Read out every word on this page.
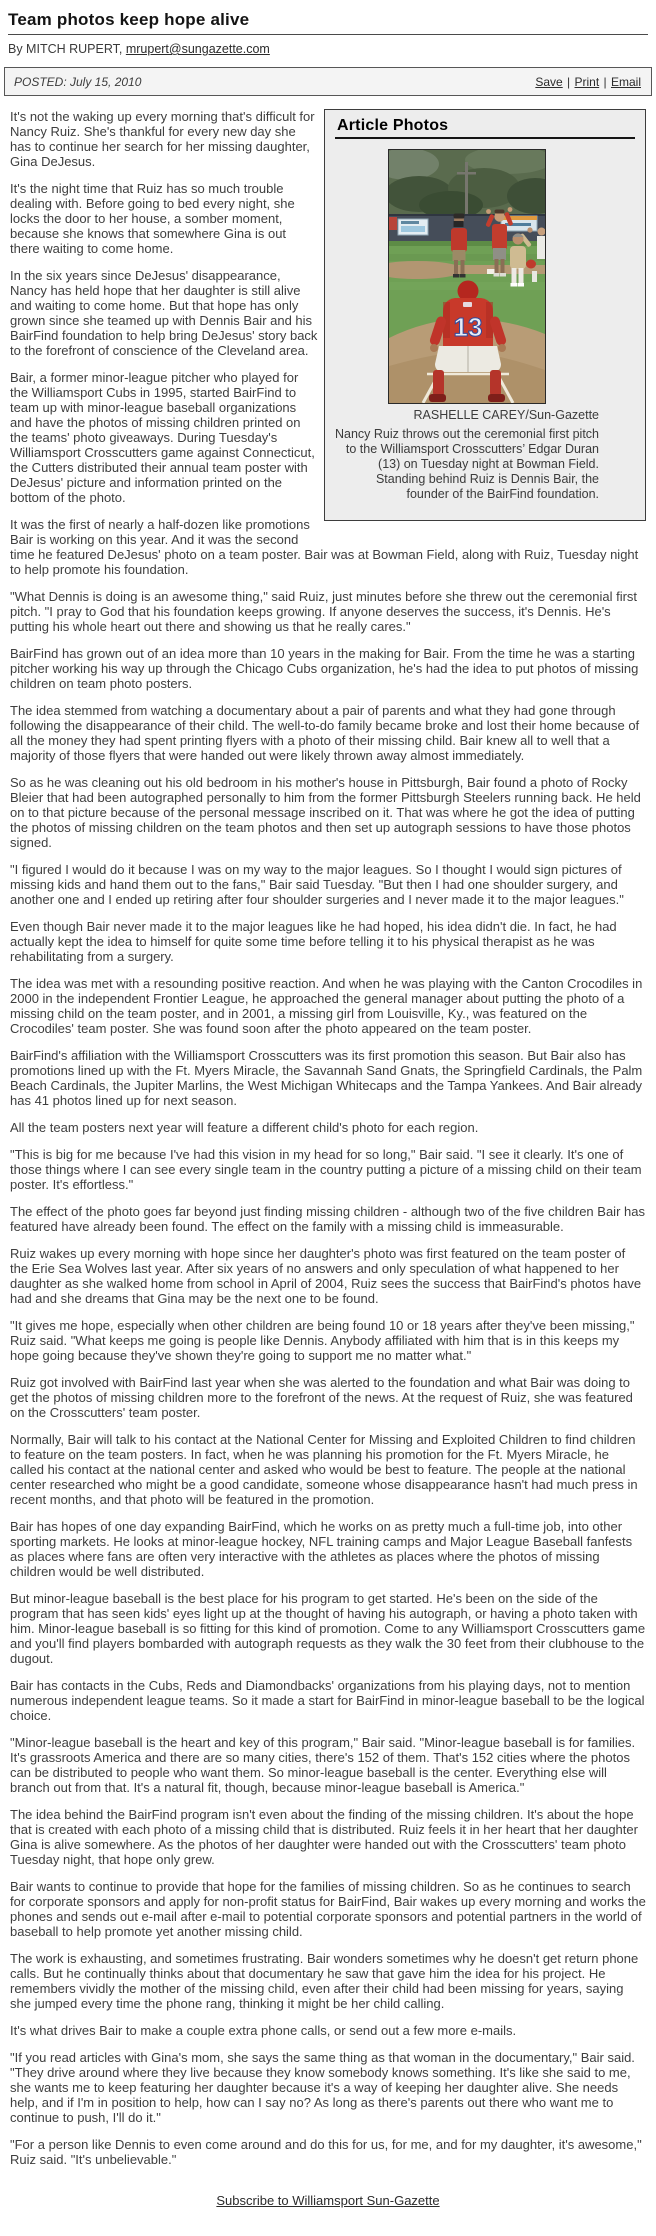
Team photos keep hope alive
By MITCH RUPERT, mrupert@sungazette.com
POSTED: July 15, 2010	Save | Print | Email
Article Photos
13
RASHELLE CAREY/Sun-Gazette
Nancy Ruiz throws out the ceremonial first pitch to the Williamsport Crosscutters’ Edgar Duran (13) on Tuesday night at Bowman Field. Standing behind Ruiz is Dennis Bair, the founder of the BairFind foundation.

It's not the waking up every morning that's difficult for Nancy Ruiz. She's thankful for every new day she has to continue her search for her missing daughter, Gina DeJesus.

It's the night time that Ruiz has so much trouble dealing with. Before going to bed every night, she locks the door to her house, a somber moment, because she knows that somewhere Gina is out there waiting to come home.

In the six years since DeJesus' disappearance, Nancy has held hope that her daughter is still alive and waiting to come home. But that hope has only grown since she teamed up with Dennis Bair and his BairFind foundation to help bring DeJesus' story back to the forefront of conscience of the Cleveland area.

Bair, a former minor-league pitcher who played for the Williamsport Cubs in 1995, started BairFind to team up with minor-league baseball organizations and have the photos of missing children printed on the teams' photo giveaways. During Tuesday's Williamsport Crosscutters game against Connecticut, the Cutters distributed their annual team poster with DeJesus' picture and information printed on the bottom of the photo.

It was the first of nearly a half-dozen like promotions Bair is working on this year. And it was the second time he featured DeJesus' photo on a team poster. Bair was at Bowman Field, along with Ruiz, Tuesday night to help promote his foundation.

"What Dennis is doing is an awesome thing," said Ruiz, just minutes before she threw out the ceremonial first pitch. "I pray to God that his foundation keeps growing. If anyone deserves the success, it's Dennis. He's putting his whole heart out there and showing us that he really cares."

BairFind has grown out of an idea more than 10 years in the making for Bair. From the time he was a starting pitcher working his way up through the Chicago Cubs organization, he's had the idea to put photos of missing children on team photo posters.

The idea stemmed from watching a documentary about a pair of parents and what they had gone through following the disappearance of their child. The well-to-do family became broke and lost their home because of all the money they had spent printing flyers with a photo of their missing child. Bair knew all to well that a majority of those flyers that were handed out were likely thrown away almost immediately.

So as he was cleaning out his old bedroom in his mother's house in Pittsburgh, Bair found a photo of Rocky Bleier that had been autographed personally to him from the former Pittsburgh Steelers running back. He held on to that picture because of the personal message inscribed on it. That was where he got the idea of putting the photos of missing children on the team photos and then set up autograph sessions to have those photos signed.

"I figured I would do it because I was on my way to the major leagues. So I thought I would sign pictures of missing kids and hand them out to the fans," Bair said Tuesday. "But then I had one shoulder surgery, and another one and I ended up retiring after four shoulder surgeries and I never made it to the major leagues."

Even though Bair never made it to the major leagues like he had hoped, his idea didn't die. In fact, he had actually kept the idea to himself for quite some time before telling it to his physical therapist as he was rehabilitating from a surgery.

The idea was met with a resounding positive reaction. And when he was playing with the Canton Crocodiles in 2000 in the independent Frontier League, he approached the general manager about putting the photo of a missing child on the team poster, and in 2001, a missing girl from Louisville, Ky., was featured on the Crocodiles' team poster. She was found soon after the photo appeared on the team poster.

BairFind's affiliation with the Williamsport Crosscutters was its first promotion this season. But Bair also has promotions lined up with the Ft. Myers Miracle, the Savannah Sand Gnats, the Springfield Cardinals, the Palm Beach Cardinals, the Jupiter Marlins, the West Michigan Whitecaps and the Tampa Yankees. And Bair already has 41 photos lined up for next season.

All the team posters next year will feature a different child's photo for each region.

"This is big for me because I've had this vision in my head for so long," Bair said. "I see it clearly. It's one of those things where I can see every single team in the country putting a picture of a missing child on their team poster. It's effortless."

The effect of the photo goes far beyond just finding missing children - although two of the five children Bair has featured have already been found. The effect on the family with a missing child is immeasurable.

Ruiz wakes up every morning with hope since her daughter's photo was first featured on the team poster of the Erie Sea Wolves last year. After six years of no answers and only speculation of what happened to her daughter as she walked home from school in April of 2004, Ruiz sees the success that BairFind's photos have had and she dreams that Gina may be the next one to be found.

"It gives me hope, especially when other children are being found 10 or 18 years after they've been missing," Ruiz said. "What keeps me going is people like Dennis. Anybody affiliated with him that is in this keeps my hope going because they've shown they're going to support me no matter what."

Ruiz got involved with BairFind last year when she was alerted to the foundation and what Bair was doing to get the photos of missing children more to the forefront of the news. At the request of Ruiz, she was featured on the Crosscutters' team poster.

Normally, Bair will talk to his contact at the National Center for Missing and Exploited Children to find children to feature on the team posters. In fact, when he was planning his promotion for the Ft. Myers Miracle, he called his contact at the national center and asked who would be best to feature. The people at the national center researched who might be a good candidate, someone whose disappearance hasn't had much press in recent months, and that photo will be featured in the promotion.

Bair has hopes of one day expanding BairFind, which he works on as pretty much a full-time job, into other sporting markets. He looks at minor-league hockey, NFL training camps and Major League Baseball fanfests as places where fans are often very interactive with the athletes as places where the photos of missing children would be well distributed.

But minor-league baseball is the best place for his program to get started. He's been on the side of the program that has seen kids' eyes light up at the thought of having his autograph, or having a photo taken with him. Minor-league baseball is so fitting for this kind of promotion. Come to any Williamsport Crosscutters game and you'll find players bombarded with autograph requests as they walk the 30 feet from their clubhouse to the dugout.

Bair has contacts in the Cubs, Reds and Diamondbacks' organizations from his playing days, not to mention numerous independent league teams. So it made a start for BairFind in minor-league baseball to be the logical choice.

"Minor-league baseball is the heart and key of this program," Bair said. "Minor-league baseball is for families. It's grassroots America and there are so many cities, there's 152 of them. That's 152 cities where the photos can be distributed to people who want them. So minor-league baseball is the center. Everything else will branch out from that. It's a natural fit, though, because minor-league baseball is America."

The idea behind the BairFind program isn't even about the finding of the missing children. It's about the hope that is created with each photo of a missing child that is distributed. Ruiz feels it in her heart that her daughter Gina is alive somewhere. As the photos of her daughter were handed out with the Crosscutters' team photo Tuesday night, that hope only grew.

Bair wants to continue to provide that hope for the families of missing children. So as he continues to search for corporate sponsors and apply for non-profit status for BairFind, Bair wakes up every morning and works the phones and sends out e-mail after e-mail to potential corporate sponsors and potential partners in the world of baseball to help promote yet another missing child.

The work is exhausting, and sometimes frustrating. Bair wonders sometimes why he doesn't get return phone calls. But he continually thinks about that documentary he saw that gave him the idea for his project. He remembers vividly the mother of the missing child, even after their child had been missing for years, saying she jumped every time the phone rang, thinking it might be her child calling.

It's what drives Bair to make a couple extra phone calls, or send out a few more e-mails.

"If you read articles with Gina's mom, she says the same thing as that woman in the documentary," Bair said. "They drive around where they live because they know somebody knows something. It's like she said to me, she wants me to keep featuring her daughter because it's a way of keeping her daughter alive. She needs help, and if I'm in position to help, how can I say no? As long as there's parents out there who want me to continue to push, I'll do it."

"For a person like Dennis to even come around and do this for us, for me, and for my daughter, it's awesome," Ruiz said. "It's unbelievable."

Subscribe to Williamsport Sun-Gazette
